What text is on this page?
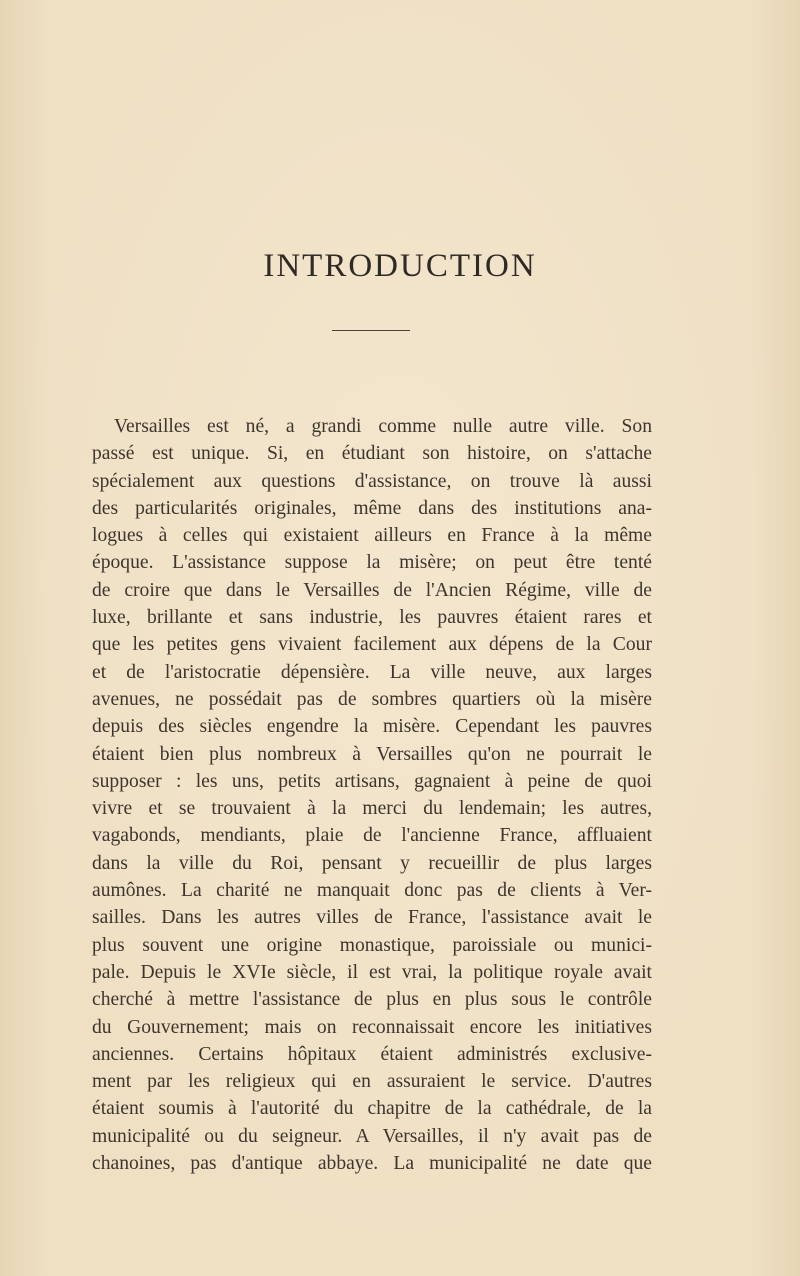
INTRODUCTION
Versailles est né, a grandi comme nulle autre ville. Son
passé est unique. Si, en étudiant son histoire, on s'attache
spécialement aux questions d'assistance, on trouve là aussi
des particularités originales, même dans des institutions ana-
logues à celles qui existaient ailleurs en France à la même
époque. L'assistance suppose la misère; on peut être tenté
de croire que dans le Versailles de l'Ancien Régime, ville de
luxe, brillante et sans industrie, les pauvres étaient rares et
que les petites gens vivaient facilement aux dépens de la Cour
et de l'aristocratie dépensière. La ville neuve, aux larges
avenues, ne possédait pas de sombres quartiers où la misère
depuis des siècles engendre la misère. Cependant les pauvres
étaient bien plus nombreux à Versailles qu'on ne pourrait le
supposer : les uns, petits artisans, gagnaient à peine de quoi
vivre et se trouvaient à la merci du lendemain; les autres,
vagabonds, mendiants, plaie de l'ancienne France, affluaient
dans la ville du Roi, pensant y recueillir de plus larges
aumônes. La charité ne manquait donc pas de clients à Ver-
sailles. Dans les autres villes de France, l'assistance avait le
plus souvent une origine monastique, paroissiale ou munici-
pale. Depuis le XVIe siècle, il est vrai, la politique royale avait
cherché à mettre l'assistance de plus en plus sous le contrôle
du Gouvernement; mais on reconnaissait encore les initiatives
anciennes. Certains hôpitaux étaient administrés exclusive-
ment par les religieux qui en assuraient le service. D'autres
étaient soumis à l'autorité du chapitre de la cathédrale, de la
municipalité ou du seigneur. A Versailles, il n'y avait pas de
chanoines, pas d'antique abbaye. La municipalité ne date que
